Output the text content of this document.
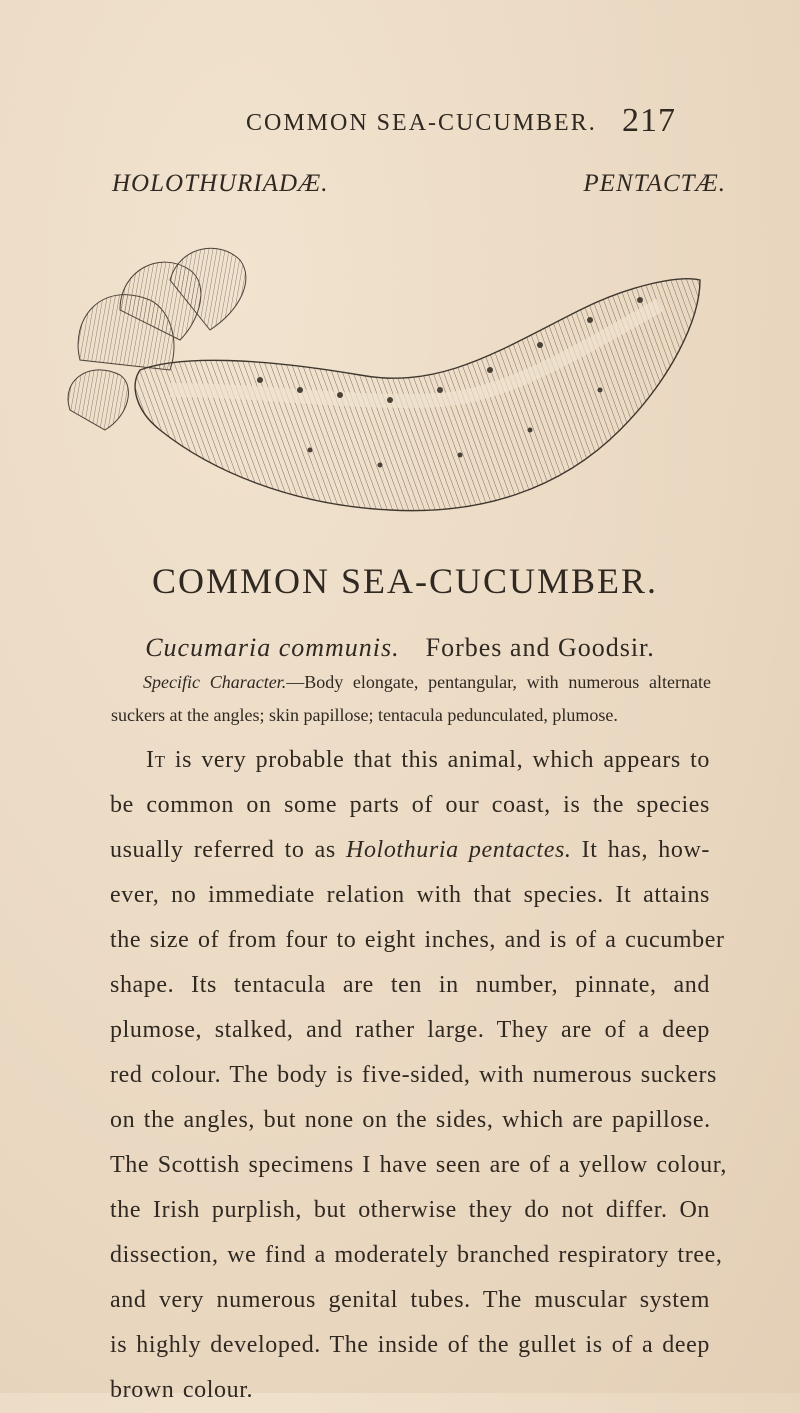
COMMON SEA-CUCUMBER. 217
HOLOTHURIADÆ.	PENTACTÆ.
COMMON SEA-CUCUMBER.
Cucumaria communis. Forbes and Goodsir.
Specific Character.—Body elongate, pentangular, with numerous alternate
suckers at the angles; skin papillose; tentacula pedunculated, plumose.
It is very probable that this animal, which appears to
be common on some parts of our coast, is the species
usually referred to as Holothuria pentactes. It has, how-
ever, no immediate relation with that species. It attains
the size of from four to eight inches, and is of a cucumber
shape. Its tentacula are ten in number, pinnate, and
plumose, stalked, and rather large. They are of a deep
red colour. The body is five-sided, with numerous suckers
on the angles, but none on the sides, which are papillose.
The Scottish specimens I have seen are of a yellow colour,
the Irish purplish, but otherwise they do not differ. On
dissection, we find a moderately branched respiratory tree,
and very numerous genital tubes. The muscular system
is highly developed. The inside of the gullet is of a deep
brown colour.
